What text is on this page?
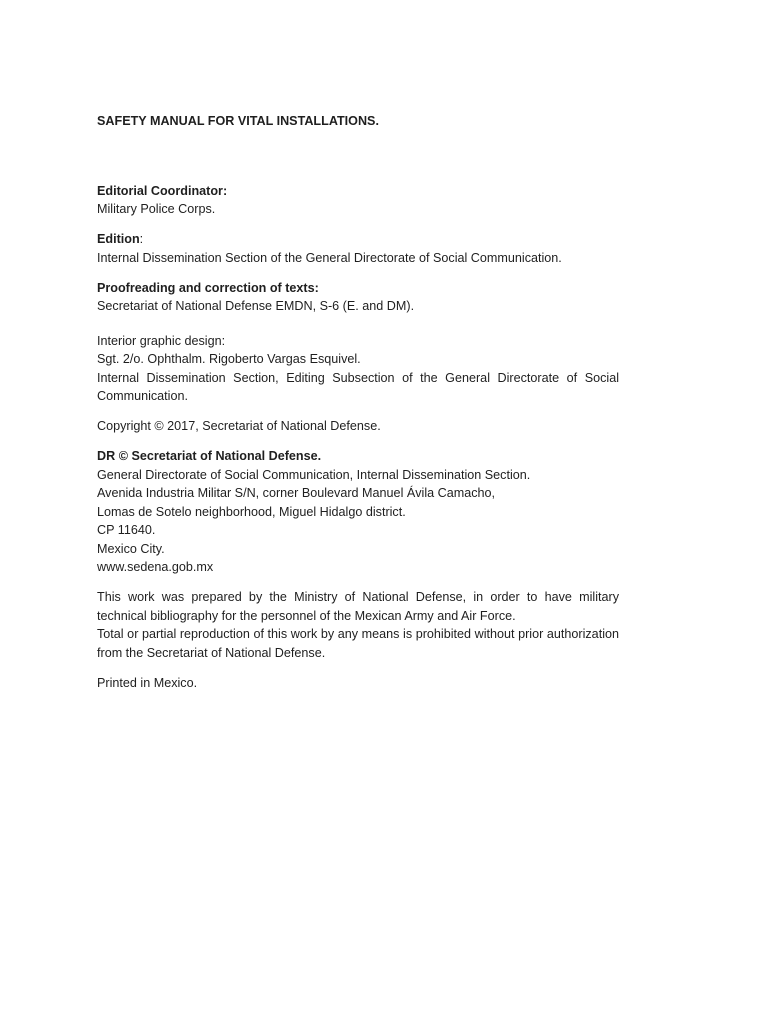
SAFETY MANUAL FOR VITAL INSTALLATIONS.

Editorial Coordinator:
Military Police Corps.
Edition:
Internal Dissemination Section of the General Directorate of Social Communication.
Proofreading and correction of texts:
Secretariat of National Defense EMDN, S-6 (E. and DM).
Interior graphic design:
Sgt. 2/o. Ophthalm. Rigoberto Vargas Esquivel.
Internal Dissemination Section, Editing Subsection of the General Directorate of Social Communication.

Copyright © 2017, Secretariat of National Defense.

DR © Secretariat of National Defense.
General Directorate of Social Communication, Internal Dissemination Section.
Avenida Industria Militar S/N, corner Boulevard Manuel Ávila Camacho,
Lomas de Sotelo neighborhood, Miguel Hidalgo district.
CP 11640.
Mexico City.
www.sedena.gob.mx
This work was prepared by the Ministry of National Defense, in order to have military technical bibliography for the personnel of the Mexican Army and Air Force.
Total or partial reproduction of this work by any means is prohibited without prior authorization from the Secretariat of National Defense.

Printed in Mexico.
